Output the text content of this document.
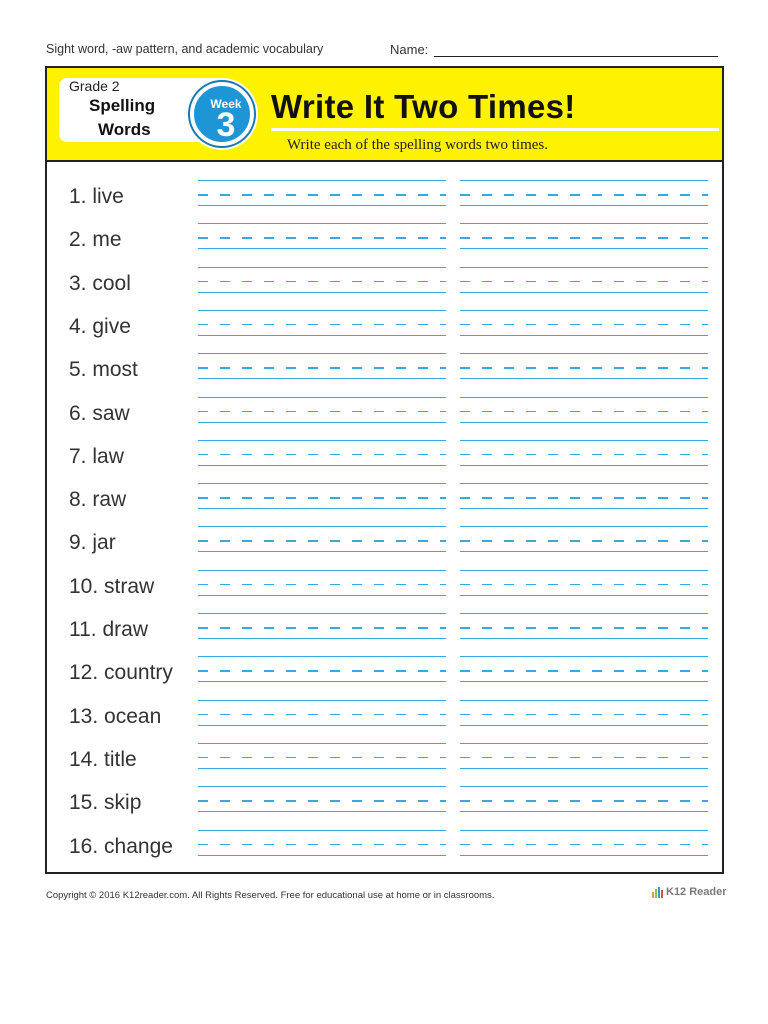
Sight word, -aw pattern, and academic vocabulary	Name:
Grade 2
Spelling
Words
Week
3	Write It Two Times!
Write each of the spelling words two times.
1. live
2. me
3. cool
4. give
5. most
6. saw
7. law
8. raw
9. jar
10. straw
11. draw
12. country
13. ocean
14. title
15. skip
16. change
Copyright © 2016 K12reader.com. All Rights Reserved. Free for educational use at home or in classrooms.	K12 Reader
